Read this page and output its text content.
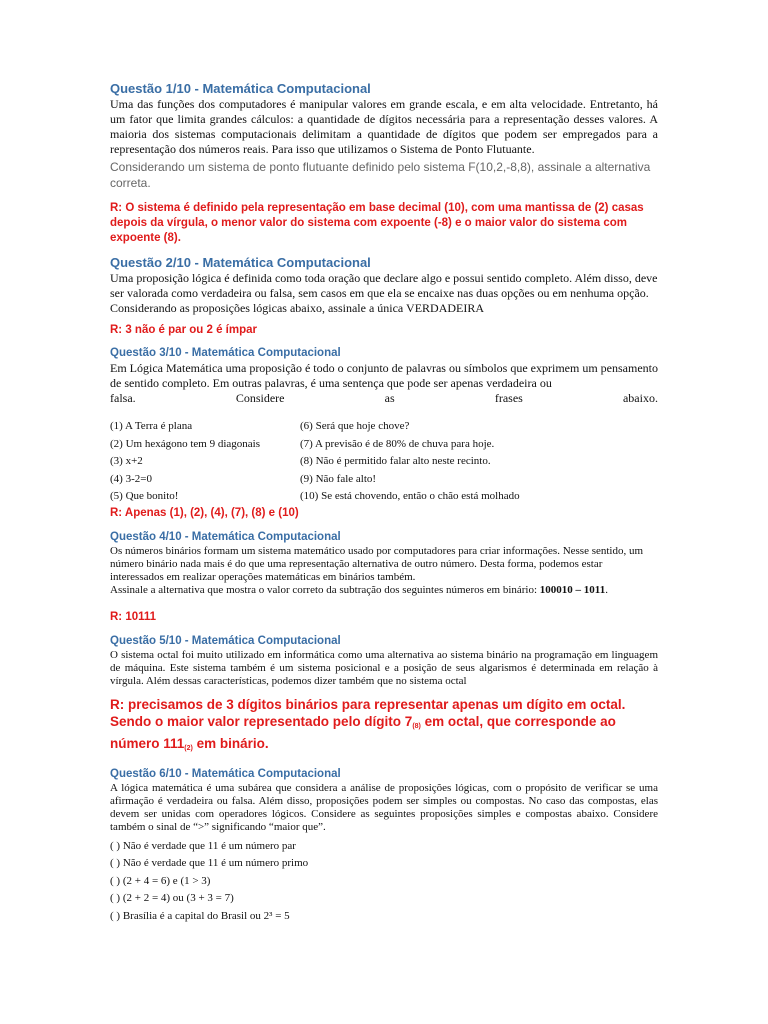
Questão 1/10 - Matemática Computacional

Uma das funções dos computadores é manipular valores em grande escala, e em alta velocidade. Entretanto, há um fator que limita grandes cálculos: a quantidade de dígitos necessária para a representação desses valores. A maioria dos sistemas computacionais delimitam a quantidade de dígitos que podem ser empregados para a representação dos números reais. Para isso que utilizamos o Sistema de Ponto Flutuante.

Considerando um sistema de ponto flutuante definido pelo sistema F(10,2,-8,8), assinale a alternativa correta.

R: O sistema é definido pela representação em base decimal (10), com uma mantissa de (2) casas depois da vírgula, o menor valor do sistema com expoente (-8) e o maior valor do sistema com expoente (8).

Questão 2/10 - Matemática Computacional

Uma proposição lógica é definida como toda oração que declare algo e possui sentido completo. Além disso, deve ser valorada como verdadeira ou falsa, sem casos em que ela se encaixe nas duas opções ou em nenhuma opção.

Considerando as proposições lógicas abaixo, assinale a única VERDADEIRA

R: 3 não é par ou 2 é ímpar

Questão 3/10 - Matemática Computacional

Em Lógica Matemática uma proposição é todo o conjunto de palavras ou símbolos que exprimem um pensamento de sentido completo. Em outras palavras, é uma sentença que pode ser apenas verdadeira ou

falsa.	Considere	as	frases	abaixo.
(1) A Terra é plana	(6) Será que hoje chove?
(2) Um hexágono tem 9 diagonais	(7) A previsão é de 80% de chuva para hoje.
(3) x+2	(8) Não é permitido falar alto neste recinto.
(4) 3-2=0	(9) Não fale alto!
(5) Que bonito!	(10) Se está chovendo, então o chão está molhado

R: Apenas (1), (2), (4), (7), (8) e (10)

Questão 4/10 - Matemática Computacional

Os números binários formam um sistema matemático usado por computadores para criar informações. Nesse sentido, um número binário nada mais é do que uma representação alternativa de outro número. Desta forma, podemos estar interessados em realizar operações matemáticas em binários também.

Assinale a alternativa que mostra o valor correto da subtração dos seguintes números em binário: 100010 – 1011.

R: 10111

Questão 5/10 - Matemática Computacional

O sistema octal foi muito utilizado em informática como uma alternativa ao sistema binário na programação em linguagem de máquina. Este sistema também é um sistema posicional e a posição de seus algarismos é determinada em relação à vírgula. Além dessas características, podemos dizer também que no sistema octal

R: precisamos de 3 dígitos binários para representar apenas um dígito em octal. Sendo o maior valor representado pelo dígito $7_{(8)}$ em octal, que corresponde ao número $111_{(2)}$ em binário.

Questão 6/10 - Matemática Computacional

A lógica matemática é uma subárea que considera a análise de proposições lógicas, com o propósito de verificar se uma afirmação é verdadeira ou falsa. Além disso, proposições podem ser simples ou compostas. No caso das compostas, elas devem ser unidas com operadores lógicos. Considere as seguintes proposições simples e compostas abaixo. Considere também o sinal de “>” significando “maior que”.

( ) Não é verdade que 11 é um número par
( ) Não é verdade que 11 é um número primo
( ) (2 + 4 = 6) e (1 > 3)
( ) (2 + 2 = 4) ou (3 + 3 = 7)
( ) Brasília é a capital do Brasil ou 2³ = 5
